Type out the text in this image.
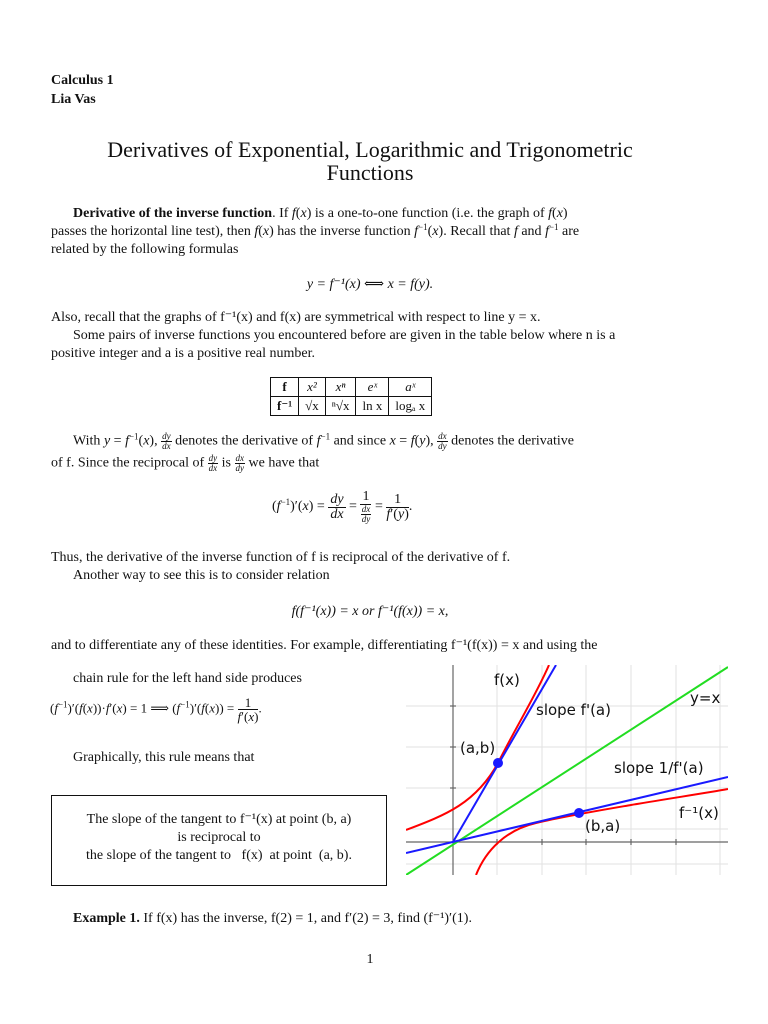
Calculus 1
Lia Vas
Derivatives of Exponential, Logarithmic and Trigonometric
Functions
Derivative of the inverse function. If f(x) is a one-to-one function (i.e. the graph of f(x)
passes the horizontal line test), then f(x) has the inverse function $f^{-1}(x)$. Recall that f and $f^{-1}$ are
related by the following formulas
y = f⁻¹(x) ⟺ x = f(y).
Also, recall that the graphs of f⁻¹(x) and f(x) are symmetrical with respect to line y = x.
Some pairs of inverse functions you encountered before are given in the table below where n is a
positive integer and a is a positive real number.
f	x²	xⁿ	eˣ	aˣ
f⁻¹	√x	ⁿ√x	ln x	logₐ x
With $y = f^{-1}(x)$, $\frac{dy}{dx}$ denotes the derivative of $f^{-1}$ and since x = f(y), $\frac{dx}{dy}$ denotes the derivative
of f. Since the reciprocal of $\frac{dy}{dx}$ is $\frac{dx}{dy}$ we have that
$(f^{-1})'(x) = \frac{dy}{dx} = \frac{1}{\frac{dx}{dy}} = \frac{1}{f'(y)}$ .
Thus, the derivative of the inverse function of f is reciprocal of the derivative of f.
Another way to see this is to consider relation
f(f⁻¹(x)) = x or f⁻¹(f(x)) = x,
and to differentiate any of these identities. For example, differentiating f⁻¹(f(x)) = x and using the
chain rule for the left hand side produces
$(f^{-1})'(f(x))\cdot f'(x) = 1$ ⟹ $(f^{-1})'(f(x)) = \frac{1}{f'(x)}$ .
Graphically, this rule means that
The slope of the tangent to f⁻¹(x) at point (b, a)
is reciprocal to
the slope of the tangent to   f(x)  at point  (a, b).
f(x)
slope f'(a)
y=x
(a,b)
slope 1/f'(a)
f⁻¹(x)
(b,a)
Example 1. If f(x) has the inverse, f(2) = 1, and f′(2) = 3, find (f⁻¹)′(1).
1
